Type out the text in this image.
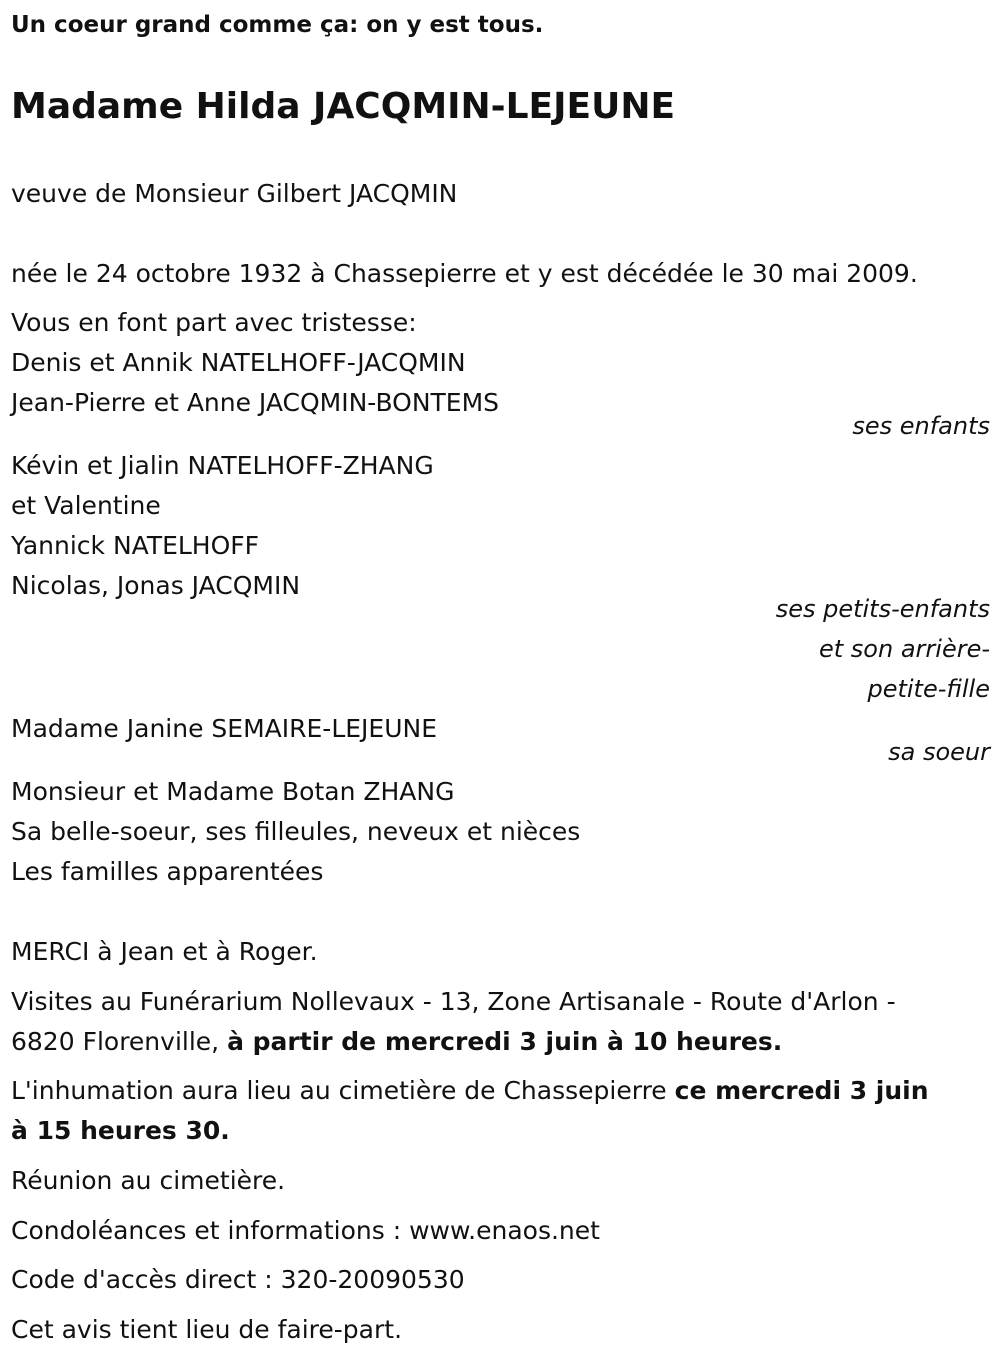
Un coeur grand comme ça: on y est tous.
Madame Hilda JACQMIN-LEJEUNE
veuve de Monsieur Gilbert JACQMIN
née le 24 octobre 1932 à Chassepierre et y est décédée le 30 mai 2009.
Vous en font part avec tristesse:
Denis et Annik NATELHOFF-JACQMIN
Jean-Pierre et Anne JACQMIN-BONTEMS
ses enfants
Kévin et Jialin NATELHOFF-ZHANG
et Valentine
Yannick NATELHOFF
Nicolas, Jonas JACQMIN
ses petits-enfants
et son arrière-
petite-fille
Madame Janine SEMAIRE-LEJEUNE
sa soeur
Monsieur et Madame Botan ZHANG
Sa belle-soeur, ses filleules, neveux et nièces
Les familles apparentées
MERCI à Jean et à Roger.
Visites au Funérarium Nollevaux - 13, Zone Artisanale - Route d'Arlon -
6820 Florenville, à partir de mercredi 3 juin à 10 heures.
L'inhumation aura lieu au cimetière de Chassepierre ce mercredi 3 juin
à 15 heures 30.
Réunion au cimetière.
Condoléances et informations : www.enaos.net
Code d'accès direct : 320-20090530
Cet avis tient lieu de faire-part.
